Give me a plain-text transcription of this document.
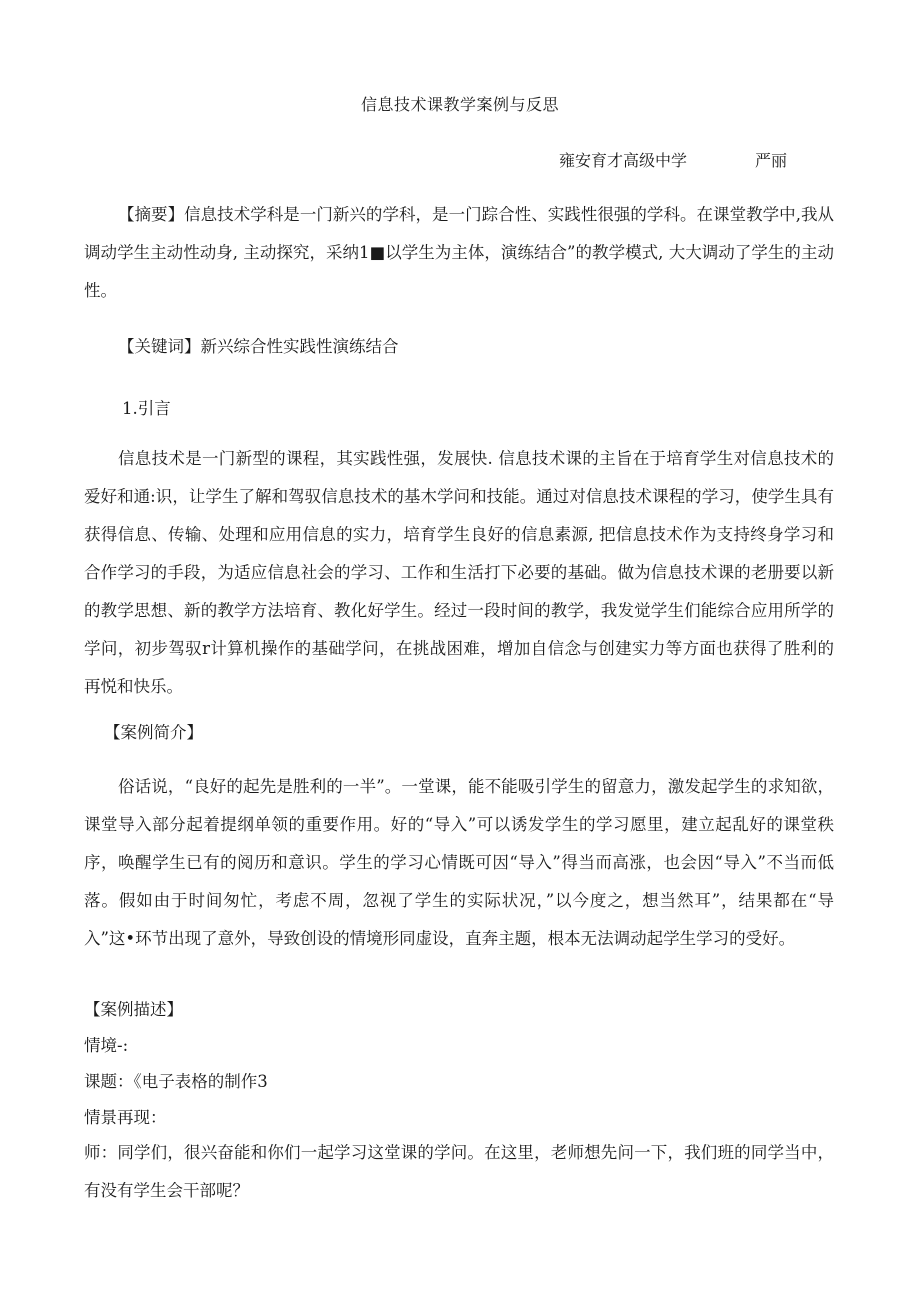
信息技术课教学案例与反思
雍安育才高级中学	严丽

【摘要】信息技术学科是一门新兴的学科，是一门踪合性、实践性很强的学科。在课堂教学中,我从调动学生主动性动身, 主动探究，采纳1■以学生为主体，演练结合”的教学模式, 大大调动了学生的主动性。

【关键词】新兴综合性实践性演练结合
1.引言

信息技术是一门新型的课程，其实践性强，发展快. 信息技术课的主旨在于培育学生对信息技术的爱好和通:识，让学生了解和驾驭信息技术的基木学问和技能。通过对信息技术课程的学习，使学生具有获得信息、传输、处理和应用信息的实力，培育学生良好的信息素源, 把信息技术作为支持终身学习和合作学习的手段，为适应信息社会的学习、工作和生活打下必要的基础。做为信息技术课的老册要以新的教学思想、新的教学方法培育、教化好学生。经过一段时间的教学，我发觉学生们能综合应用所学的学问，初步驾驭r计算机操作的基础学问，在挑战困难，增加自信念与创建实力等方面也获得了胜利的再悦和快乐。

【案例简介】

俗话说，“良好的起先是胜利的一半”。一堂课，能不能吸引学生的留意力，激发起学生的求知欲，课堂导入部分起着提纲单领的重要作用。好的“导入”可以诱发学生的学习愿里，建立起乱好的课堂秩序，唤醒学生已有的阅历和意识。学生的学习心情既可因“导入”得当而高涨，也会因“导入”不当而低落。假如由于时间匆忙，考虑不周，忽视了学生的实际状况，”以今度之，想当然耳”，结果都在“导入”这•环节出现了意外，导致创设的情境形同虚设，直奔主题，根本无法调动起学生学习的受好。

【案例描述】
情境-:
课题：《电子表格的制作3
情景再现：

师：同学们，很兴奋能和你们一起学习这堂课的学问。在这里，老师想先问一下，我们班的同学当中，有没有学生会干部呢？
